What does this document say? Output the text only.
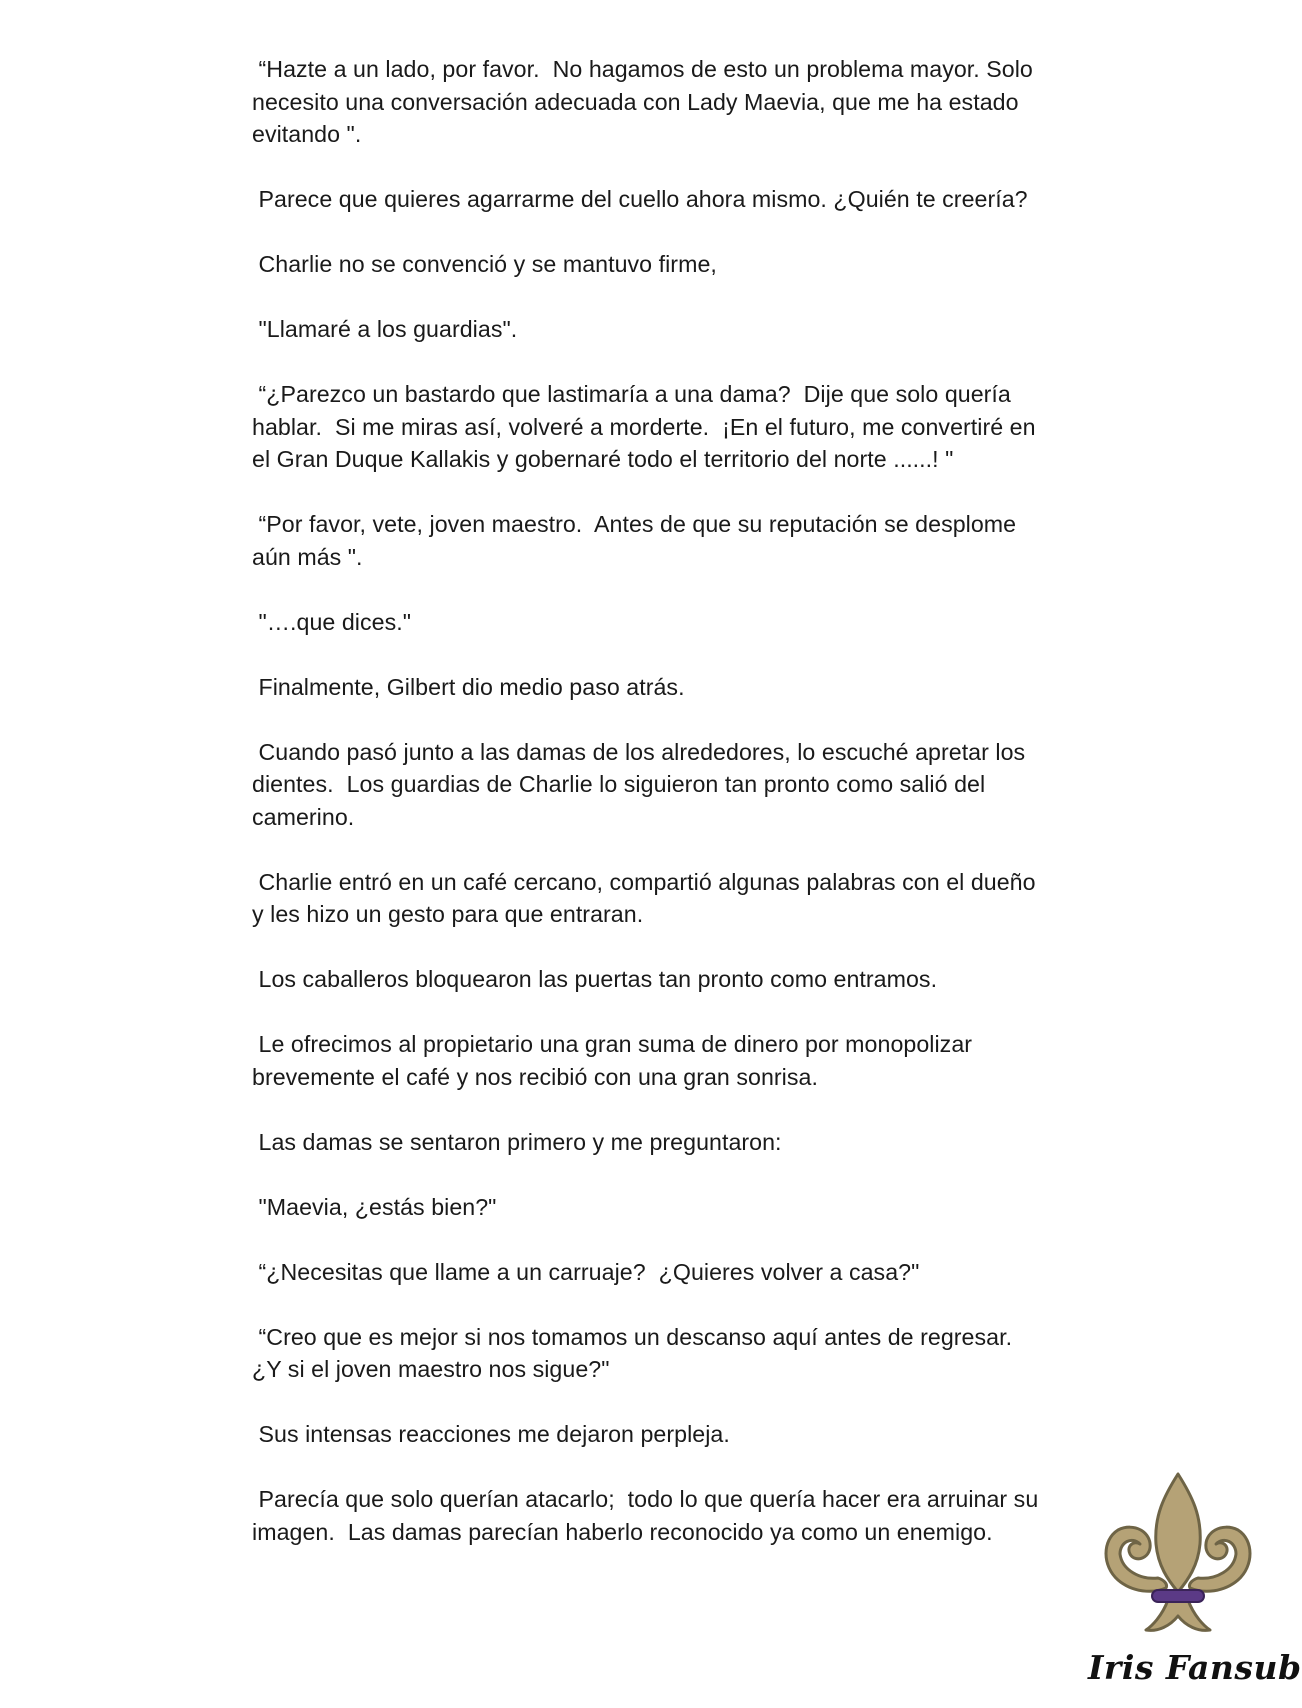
“Hazte a un lado, por favor.  No hagamos de esto un problema mayor. Solo necesito una conversación adecuada con Lady Maevia, que me ha estado evitando ".

Parece que quieres agarrarme del cuello ahora mismo. ¿Quién te creería?

Charlie no se convenció y se mantuvo firme,

"Llamaré a los guardias".

“¿Parezco un bastardo que lastimaría a una dama?  Dije que solo quería hablar.  Si me miras así, volveré a morderte.  ¡En el futuro, me convertiré en el Gran Duque Kallakis y gobernaré todo el territorio del norte ......! "

“Por favor, vete, joven maestro.  Antes de que su reputación se desplome aún más ".

"….que dices."

Finalmente, Gilbert dio medio paso atrás.

Cuando pasó junto a las damas de los alrededores, lo escuché apretar los dientes.  Los guardias de Charlie lo siguieron tan pronto como salió del camerino.

Charlie entró en un café cercano, compartió algunas palabras con el dueño y les hizo un gesto para que entraran.

Los caballeros bloquearon las puertas tan pronto como entramos.

Le ofrecimos al propietario una gran suma de dinero por monopolizar brevemente el café y nos recibió con una gran sonrisa.

Las damas se sentaron primero y me preguntaron:

"Maevia, ¿estás bien?"

“¿Necesitas que llame a un carruaje?  ¿Quieres volver a casa?"

“Creo que es mejor si nos tomamos un descanso aquí antes de regresar.  ¿Y si el joven maestro nos sigue?"

Sus intensas reacciones me dejaron perpleja.

Parecía que solo querían atacarlo;  todo lo que quería hacer era arruinar su imagen.  Las damas parecían haberlo reconocido ya como un enemigo.

Iris Fansub
